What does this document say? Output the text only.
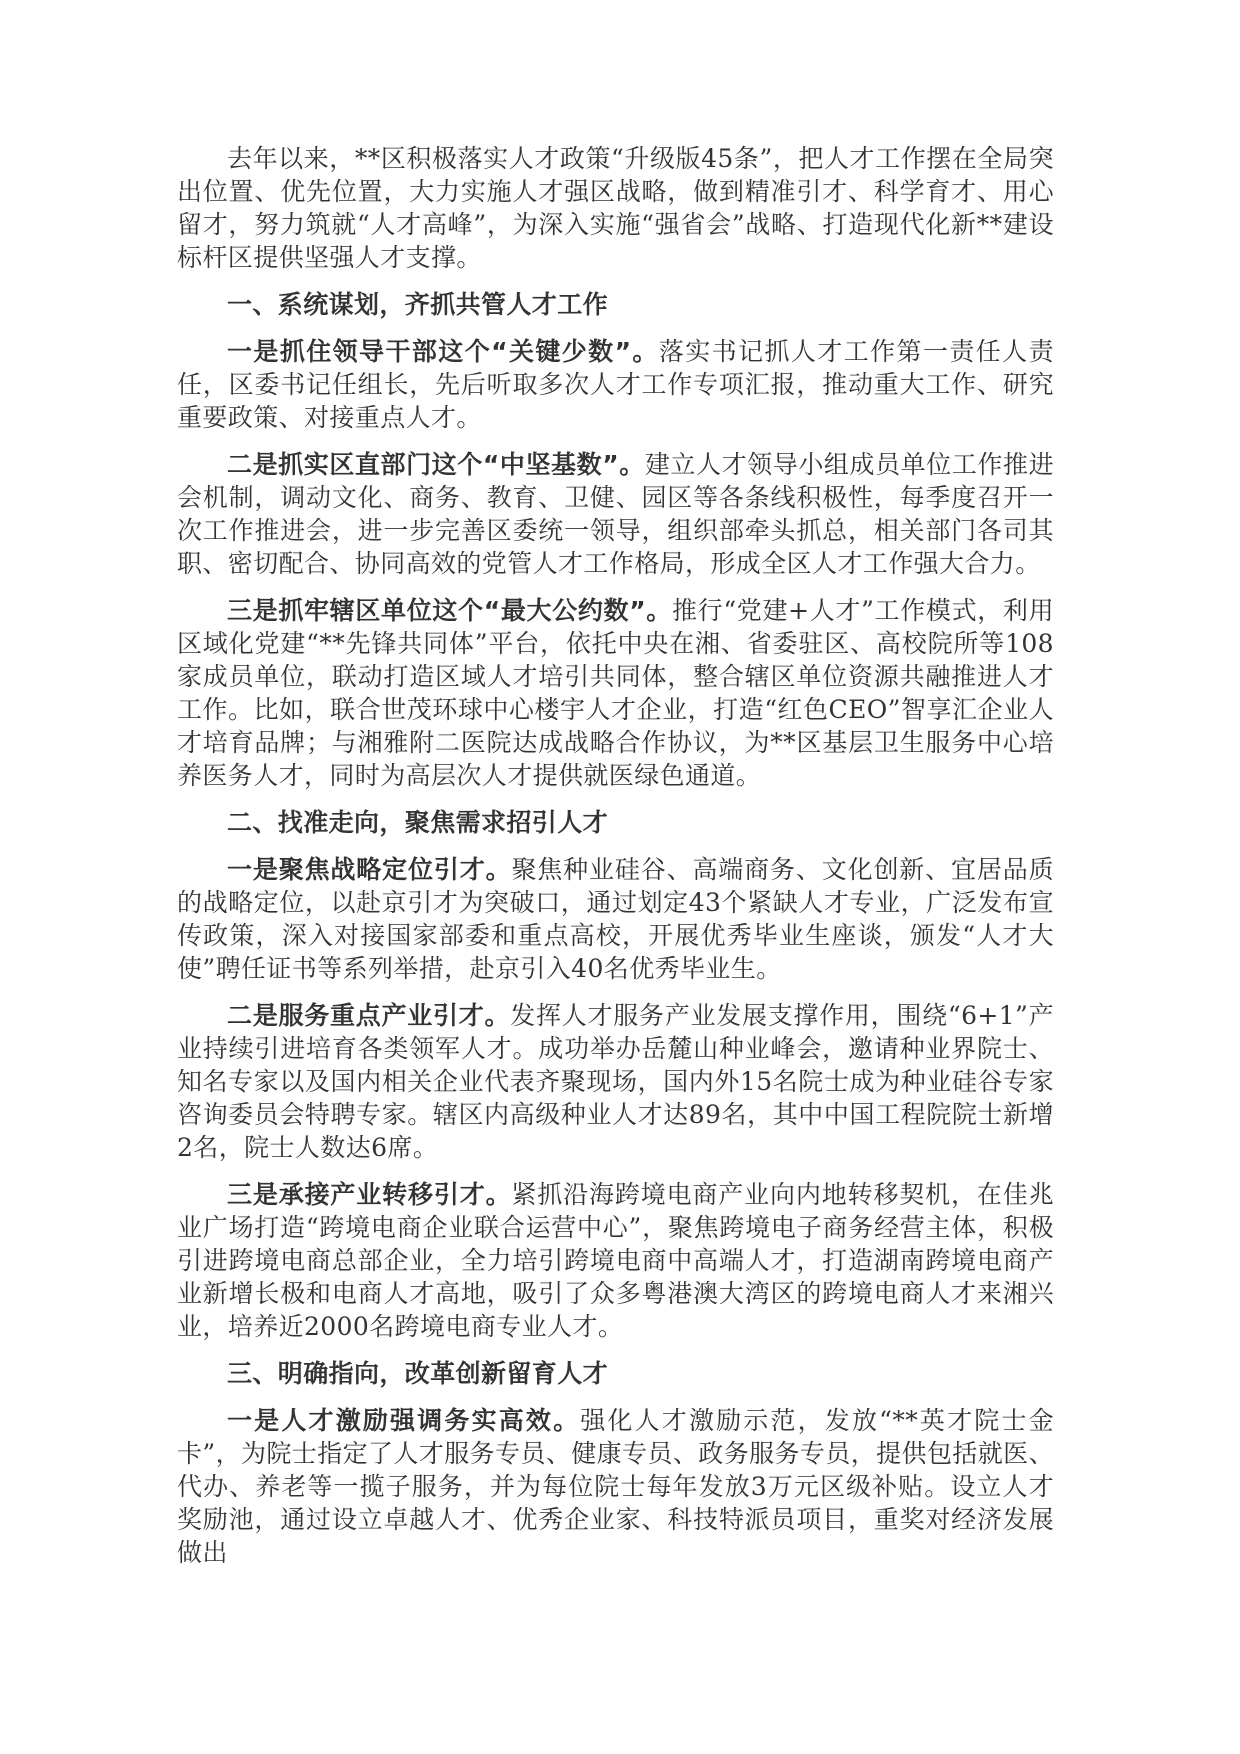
去年以来，**区积极落实人才政策“升级版45条”，把人才工作摆在全局突出位置、优先位置，大力实施人才强区战略，做到精准引才、科学育才、用心留才，努力筑就“人才高峰”，为深入实施“强省会”战略、打造现代化新**建设标杆区提供坚强人才支撑。

一、系统谋划，齐抓共管人才工作

一是抓住领导干部这个“关键少数”。落实书记抓人才工作第一责任人责任，区委书记任组长，先后听取多次人才工作专项汇报，推动重大工作、研究重要政策、对接重点人才。

二是抓实区直部门这个“中坚基数”。建立人才领导小组成员单位工作推进会机制，调动文化、商务、教育、卫健、园区等各条线积极性，每季度召开一次工作推进会，进一步完善区委统一领导，组织部牵头抓总，相关部门各司其职、密切配合、协同高效的党管人才工作格局，形成全区人才工作强大合力。

三是抓牢辖区单位这个“最大公约数”。推行“党建+人才”工作模式，利用区域化党建“**先锋共同体”平台，依托中央在湘、省委驻区、高校院所等108家成员单位，联动打造区域人才培引共同体，整合辖区单位资源共融推进人才工作。比如，联合世茂环球中心楼宇人才企业，打造“红色CEO”智享汇企业人才培育品牌；与湘雅附二医院达成战略合作协议，为**区基层卫生服务中心培养医务人才，同时为高层次人才提供就医绿色通道。

二、找准走向，聚焦需求招引人才

一是聚焦战略定位引才。聚焦种业硅谷、高端商务、文化创新、宜居品质的战略定位，以赴京引才为突破口，通过划定43个紧缺人才专业，广泛发布宣传政策，深入对接国家部委和重点高校，开展优秀毕业生座谈，颁发“人才大使”聘任证书等系列举措，赴京引入40名优秀毕业生。

二是服务重点产业引才。发挥人才服务产业发展支撑作用，围绕“6+1”产业持续引进培育各类领军人才。成功举办岳麓山种业峰会，邀请种业界院士、知名专家以及国内相关企业代表齐聚现场，国内外15名院士成为种业硅谷专家咨询委员会特聘专家。辖区内高级种业人才达89名，其中中国工程院院士新增2名，院士人数达6席。

三是承接产业转移引才。紧抓沿海跨境电商产业向内地转移契机，在佳兆业广场打造“跨境电商企业联合运营中心”，聚焦跨境电子商务经营主体，积极引进跨境电商总部企业，全力培引跨境电商中高端人才，打造湖南跨境电商产业新增长极和电商人才高地，吸引了众多粤港澳大湾区的跨境电商人才来湘兴业，培养近2000名跨境电商专业人才。

三、明确指向，改革创新留育人才

一是人才激励强调务实高效。强化人才激励示范，发放“**英才院士金卡”，为院士指定了人才服务专员、健康专员、政务服务专员，提供包括就医、代办、养老等一揽子服务，并为每位院士每年发放3万元区级补贴。设立人才奖励池，通过设立卓越人才、优秀企业家、科技特派员项目，重奖对经济发展做出
